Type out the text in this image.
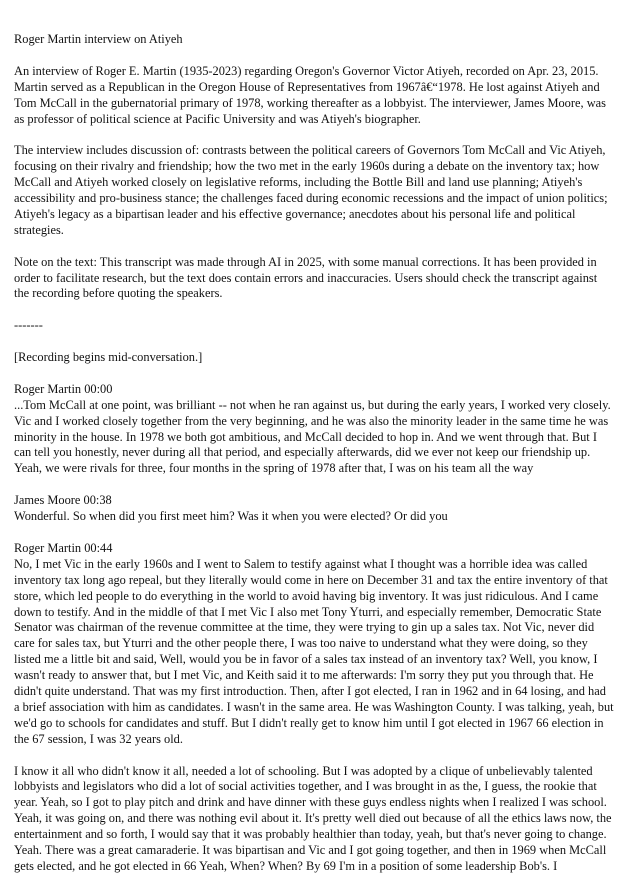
Roger Martin interview on Atiyeh

An interview of Roger E. Martin (1935-2023) regarding Oregon's Governor Victor Atiyeh, recorded on Apr. 23, 2015. Martin served as a Republican in the Oregon House of Representatives from 1967â€“1978. He lost against Atiyeh and Tom McCall in the gubernatorial primary of 1978, working thereafter as a lobbyist. The interviewer, James Moore, was as professor of political science at Pacific University and was Atiyeh's biographer.

The interview includes discussion of: contrasts between the political careers of Governors Tom McCall and Vic Atiyeh, focusing on their rivalry and friendship; how the two met in the early 1960s during a debate on the inventory tax; how McCall and Atiyeh worked closely on legislative reforms, including the Bottle Bill and land use planning; Atiyeh's accessibility and pro-business stance; the challenges faced during economic recessions and the impact of union politics; Atiyeh's legacy as a bipartisan leader and his effective governance; anecdotes about his personal life and political strategies.

Note on the text: This transcript was made through AI in 2025, with some manual corrections. It has been provided in order to facilitate research, but the text does contain errors and inaccuracies. Users should check the transcript against the recording before quoting the speakers.

-------

[Recording begins mid-conversation.]

Roger Martin 00:00
...Tom McCall at one point, was brilliant -- not when he ran against us, but during the early years, I worked very closely. Vic and I worked closely together from the very beginning, and he was also the minority leader in the same time he was minority in the house. In 1978 we both got ambitious, and McCall decided to hop in. And we went through that. But I can tell you honestly, never during all that period, and especially afterwards, did we ever not keep our friendship up. Yeah, we were rivals for three, four months in the spring of 1978 after that, I was on his team all the way

James Moore 00:38
Wonderful. So when did you first meet him? Was it when you were elected? Or did you

Roger Martin 00:44
No, I met Vic in the early 1960s and I went to Salem to testify against what I thought was a horrible idea was called inventory tax long ago repeal, but they literally would come in here on December 31 and tax the entire inventory of that store, which led people to do everything in the world to avoid having big inventory. It was just ridiculous. And I came down to testify. And in the middle of that I met Vic I also met Tony Yturri, and especially remember, Democratic State Senator was chairman of the revenue committee at the time, they were trying to gin up a sales tax. Not Vic, never did care for sales tax, but Yturri and the other people there, I was too naive to understand what they were doing, so they listed me a little bit and said, Well, would you be in favor of a sales tax instead of an inventory tax? Well, you know, I wasn't ready to answer that, but I met Vic, and Keith said it to me afterwards: I'm sorry they put you through that. He didn't quite understand. That was my first introduction. Then, after I got elected, I ran in 1962 and in 64 losing, and had a brief association with him as candidates. I wasn't in the same area. He was Washington County. I was talking, yeah, but we'd go to schools for candidates and stuff. But I didn't really get to know him until I got elected in 1967 66 election in the 67 session, I was 32 years old.

I know it all who didn't know it all, needed a lot of schooling. But I was adopted by a clique of unbelievably talented lobbyists and legislators who did a lot of social activities together, and I was brought in as the, I guess, the rookie that year. Yeah, so I got to play pitch and drink and have dinner with these guys endless nights when I realized I was school. Yeah, it was going on, and there was nothing evil about it. It's pretty well died out because of all the ethics laws now, the entertainment and so forth, I would say that it was probably healthier than today, yeah, but that's never going to change. Yeah. There was a great camaraderie. It was bipartisan and Vic and I got going together, and then in 1969 when McCall gets elected, and he got elected in 66 Yeah, When? When? By 69 I'm in a position of some leadership Bob's. I
